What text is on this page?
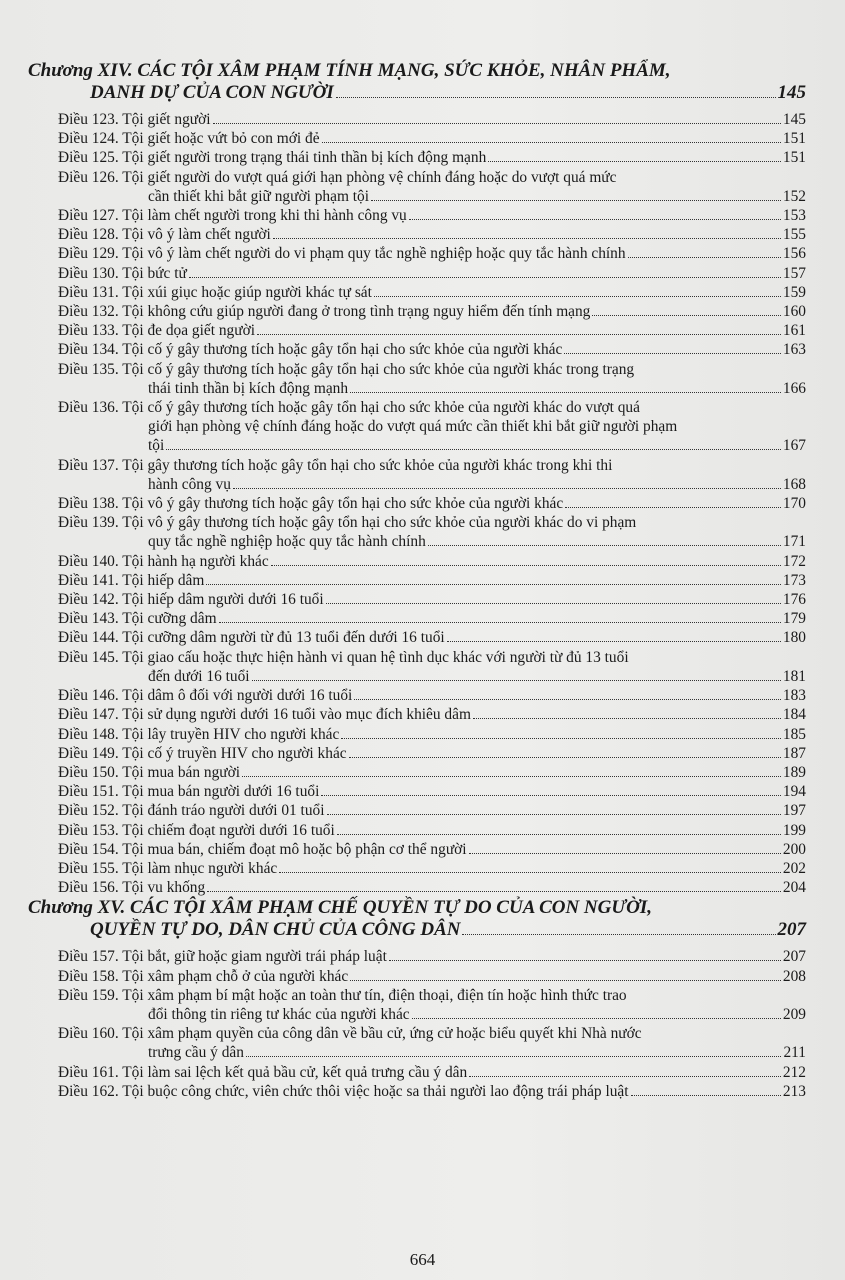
Chương XIV. CÁC TỘI XÂM PHẠM TÍNH MẠNG, SỨC KHỎE, NHÂN PHẨM,
DANH DỰ CỦA CON NGƯỜI	145
Điều 123. Tội giết người	145
Điều 124. Tội giết hoặc vứt bỏ con mới đẻ	151
Điều 125. Tội giết người trong trạng thái tinh thần bị kích động mạnh	151
Điều 126. Tội giết người do vượt quá giới hạn phòng vệ chính đáng hoặc do vượt quá mức
cần thiết khi bắt giữ người phạm tội	152
Điều 127. Tội làm chết người trong khi thi hành công vụ	153
Điều 128. Tội vô ý làm chết người	155
Điều 129. Tội vô ý làm chết người do vi phạm quy tắc nghề nghiệp hoặc quy tắc hành chính	156
Điều 130. Tội bức tử	157
Điều 131. Tội xúi giục hoặc giúp người khác tự sát	159
Điều 132. Tội không cứu giúp người đang ở trong tình trạng nguy hiểm đến tính mạng	160
Điều 133. Tội đe dọa giết người	161
Điều 134. Tội cố ý gây thương tích hoặc gây tổn hại cho sức khỏe của người khác	163
Điều 135. Tội cố ý gây thương tích hoặc gây tổn hại cho sức khỏe của người khác trong trạng
thái tinh thần bị kích động mạnh	166
Điều 136. Tội cố ý gây thương tích hoặc gây tổn hại cho sức khỏe của người khác do vượt quá
giới hạn phòng vệ chính đáng hoặc do vượt quá mức cần thiết khi bắt giữ người phạm
tội	167
Điều 137. Tội gây thương tích hoặc gây tổn hại cho sức khỏe của người khác trong khi thi
hành công vụ	168
Điều 138. Tội vô ý gây thương tích hoặc gây tổn hại cho sức khỏe của người khác	170
Điều 139. Tội vô ý gây thương tích hoặc gây tổn hại cho sức khỏe của người khác do vi phạm
quy tắc nghề nghiệp hoặc quy tắc hành chính	171
Điều 140. Tội hành hạ người khác	172
Điều 141. Tội hiếp dâm	173
Điều 142. Tội hiếp dâm người dưới 16 tuổi	176
Điều 143. Tội cưỡng dâm	179
Điều 144. Tội cưỡng dâm người từ đủ 13 tuổi đến dưới 16 tuổi	180
Điều 145. Tội giao cấu hoặc thực hiện hành vi quan hệ tình dục khác với người từ đủ 13 tuổi
đến dưới 16 tuổi	181
Điều 146. Tội dâm ô đối với người dưới 16 tuổi	183
Điều 147. Tội sử dụng người dưới 16 tuổi vào mục đích khiêu dâm	184
Điều 148. Tội lây truyền HIV cho người khác	185
Điều 149. Tội cố ý truyền HIV cho người khác	187
Điều 150. Tội mua bán người	189
Điều 151. Tội mua bán người dưới 16 tuổi	194
Điều 152. Tội đánh tráo người dưới 01 tuổi	197
Điều 153. Tội chiếm đoạt người dưới 16 tuổi	199
Điều 154. Tội mua bán, chiếm đoạt mô hoặc bộ phận cơ thể người	200
Điều 155. Tội làm nhục người khác	202
Điều 156. Tội vu khống	204
Chương XV. CÁC TỘI XÂM PHẠM CHẾ QUYỀN TỰ DO CỦA CON NGƯỜI,
QUYỀN TỰ DO, DÂN CHỦ CỦA CÔNG DÂN	207
Điều 157. Tội bắt, giữ hoặc giam người trái pháp luật	207
Điều 158. Tội xâm phạm chỗ ở của người khác	208
Điều 159. Tội xâm phạm bí mật hoặc an toàn thư tín, điện thoại, điện tín hoặc hình thức trao
đổi thông tin riêng tư khác của người khác	209
Điều 160. Tội xâm phạm quyền của công dân về bầu cử, ứng cử hoặc biểu quyết khi Nhà nước
trưng cầu ý dân	211
Điều 161. Tội làm sai lệch kết quả bầu cử, kết quả trưng cầu ý dân	212
Điều 162. Tội buộc công chức, viên chức thôi việc hoặc sa thải người lao động trái pháp luật	213
664
